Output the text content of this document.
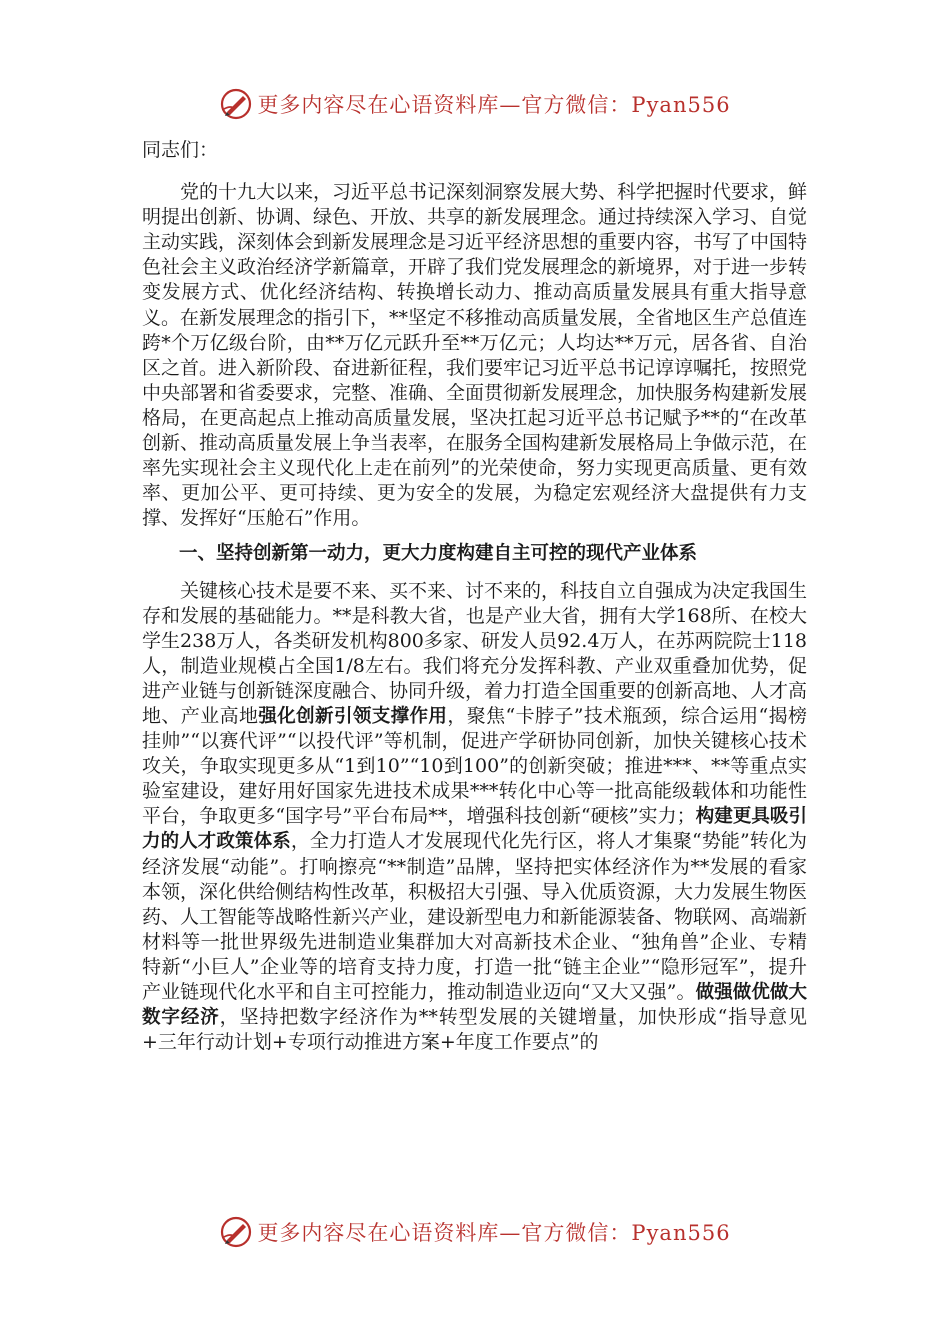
更多内容尽在心语资料库—官方微信：Pyan556

同志们：

党的十九大以来，习近平总书记深刻洞察发展大势、科学把握时代要求，鲜明提出创新、协调、绿色、开放、共享的新发展理念。通过持续深入学习、自觉主动实践，深刻体会到新发展理念是习近平经济思想的重要内容，书写了中国特色社会主义政治经济学新篇章，开辟了我们党发展理念的新境界，对于进一步转变发展方式、优化经济结构、转换增长动力、推动高质量发展具有重大指导意义。在新发展理念的指引下，**坚定不移推动高质量发展，全省地区生产总值连跨*个万亿级台阶，由**万亿元跃升至**万亿元；人均达**万元，居各省、自治区之首。进入新阶段、奋进新征程，我们要牢记习近平总书记谆谆嘱托，按照党中央部署和省委要求，完整、准确、全面贯彻新发展理念，加快服务构建新发展格局，在更高起点上推动高质量发展，坚决扛起习近平总书记赋予**的“在改革创新、推动高质量发展上争当表率，在服务全国构建新发展格局上争做示范，在率先实现社会主义现代化上走在前列”的光荣使命，努力实现更高质量、更有效率、更加公平、更可持续、更为安全的发展，为稳定宏观经济大盘提供有力支撑、发挥好“压舱石”作用。

一、坚持创新第一动力，更大力度构建自主可控的现代产业体系

关键核心技术是要不来、买不来、讨不来的，科技自立自强成为决定我国生存和发展的基础能力。**是科教大省，也是产业大省，拥有大学168所、在校大学生238万人，各类研发机构800多家、研发人员92.4万人，在苏两院院士118人，制造业规模占全国1/8左右。我们将充分发挥科教、产业双重叠加优势，促进产业链与创新链深度融合、协同升级，着力打造全国重要的创新高地、人才高地、产业高地强化创新引领支撑作用，聚焦“卡脖子”技术瓶颈，综合运用“揭榜挂帅”“以赛代评”“以投代评”等机制，促进产学研协同创新，加快关键核心技术攻关，争取实现更多从“1到10”“10到100”的创新突破；推进***、**等重点实验室建设，建好用好国家先进技术成果***转化中心等一批高能级载体和功能性平台，争取更多“国字号”平台布局**，增强科技创新“硬核”实力；构建更具吸引力的人才政策体系，全力打造人才发展现代化先行区，将人才集聚“势能”转化为经济发展“动能”。打响擦亮“**制造”品牌，坚持把实体经济作为**发展的看家本领，深化供给侧结构性改革，积极招大引强、导入优质资源，大力发展生物医药、人工智能等战略性新兴产业，建设新型电力和新能源装备、物联网、高端新材料等一批世界级先进制造业集群加大对高新技术企业、“独角兽”企业、专精特新“小巨人”企业等的培育支持力度，打造一批“链主企业”“隐形冠军”，提升产业链现代化水平和自主可控能力，推动制造业迈向“又大又强”。做强做优做大数字经济，坚持把数字经济作为**转型发展的关键增量，加快形成“指导意见+三年行动计划+专项行动推进方案+年度工作要点”的

更多内容尽在心语资料库—官方微信：Pyan556
